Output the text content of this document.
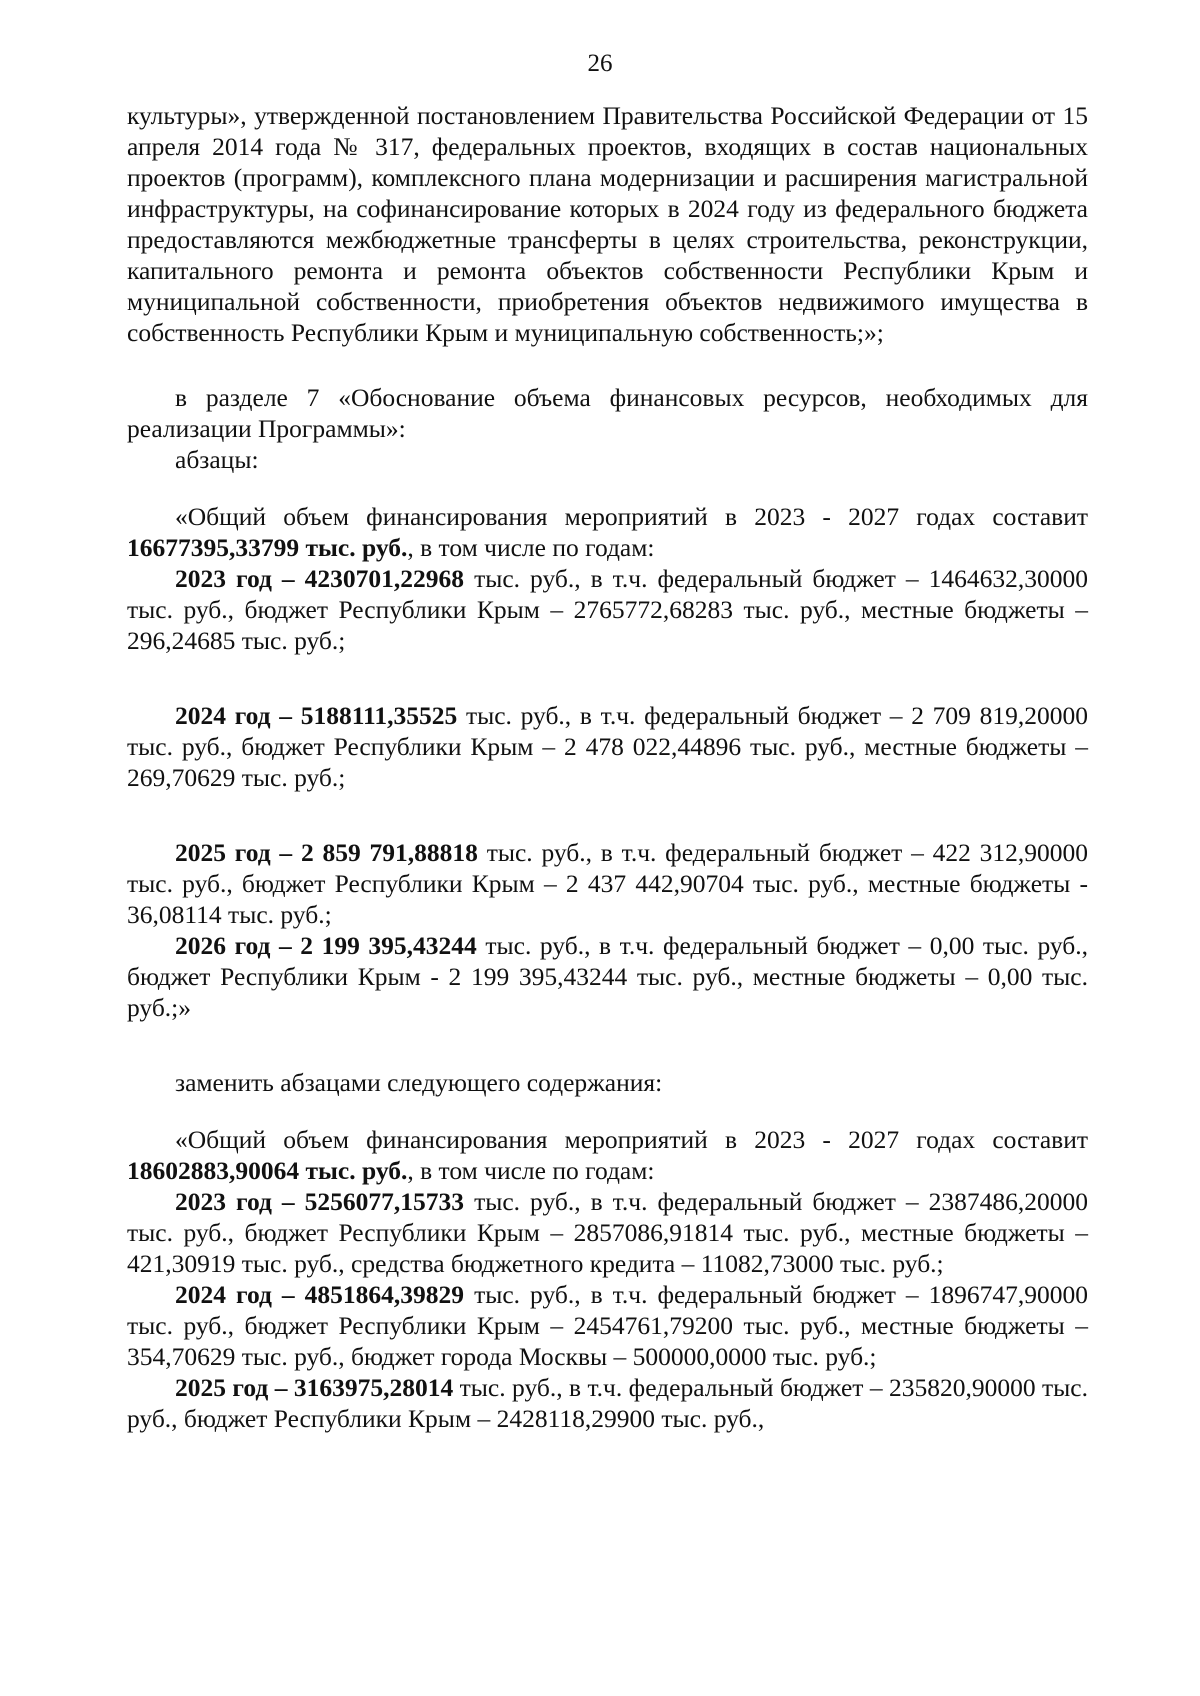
26

культуры», утвержденной постановлением Правительства Российской Федерации от 15 апреля 2014 года № 317, федеральных проектов, входящих в состав национальных проектов (программ), комплексного плана модернизации и расширения магистральной инфраструктуры, на софинансирование которых в 2024 году из федерального бюджета предоставляются межбюджетные трансферты в целях строительства, реконструкции, капитального ремонта и ремонта объектов собственности Республики Крым и муниципальной собственности, приобретения объектов недвижимого имущества в собственность Республики Крым и муниципальную собственность;»;

в разделе 7 «Обоснование объема финансовых ресурсов, необходимых для реализации Программы»:

абзацы:

«Общий объем финансирования мероприятий в 2023 - 2027 годах составит 16677395,33799 тыс. руб., в том числе по годам:

2023 год – 4230701,22968 тыс. руб., в т.ч. федеральный бюджет – 1464632,30000 тыс. руб., бюджет Республики Крым – 2765772,68283 тыс. руб., местные бюджеты – 296,24685 тыс. руб.;

2024 год – 5188111,35525 тыс. руб., в т.ч. федеральный бюджет – 2 709 819,20000 тыс. руб., бюджет Республики Крым – 2 478 022,44896 тыс. руб., местные бюджеты – 269,70629 тыс. руб.;

2025 год – 2 859 791,88818 тыс. руб., в т.ч. федеральный бюджет – 422 312,90000 тыс. руб., бюджет Республики Крым – 2 437 442,90704 тыс. руб., местные бюджеты - 36,08114 тыс. руб.;

2026 год – 2 199 395,43244 тыс. руб., в т.ч. федеральный бюджет – 0,00 тыс. руб., бюджет Республики Крым - 2 199 395,43244 тыс. руб., местные бюджеты – 0,00 тыс. руб.;»

заменить абзацами следующего содержания:

«Общий объем финансирования мероприятий в 2023 - 2027 годах составит 18602883,90064 тыс. руб., в том числе по годам:

2023 год – 5256077,15733 тыс. руб., в т.ч. федеральный бюджет – 2387486,20000 тыс. руб., бюджет Республики Крым – 2857086,91814 тыс. руб., местные бюджеты – 421,30919 тыс. руб., средства бюджетного кредита – 11082,73000 тыс. руб.;

2024 год – 4851864,39829 тыс. руб., в т.ч. федеральный бюджет – 1896747,90000 тыс. руб., бюджет Республики Крым – 2454761,79200 тыс. руб., местные бюджеты – 354,70629 тыс. руб., бюджет города Москвы – 500000,0000 тыс. руб.;

2025 год – 3163975,28014 тыс. руб., в т.ч. федеральный бюджет – 235820,90000 тыс. руб., бюджет Республики Крым – 2428118,29900 тыс. руб.,
